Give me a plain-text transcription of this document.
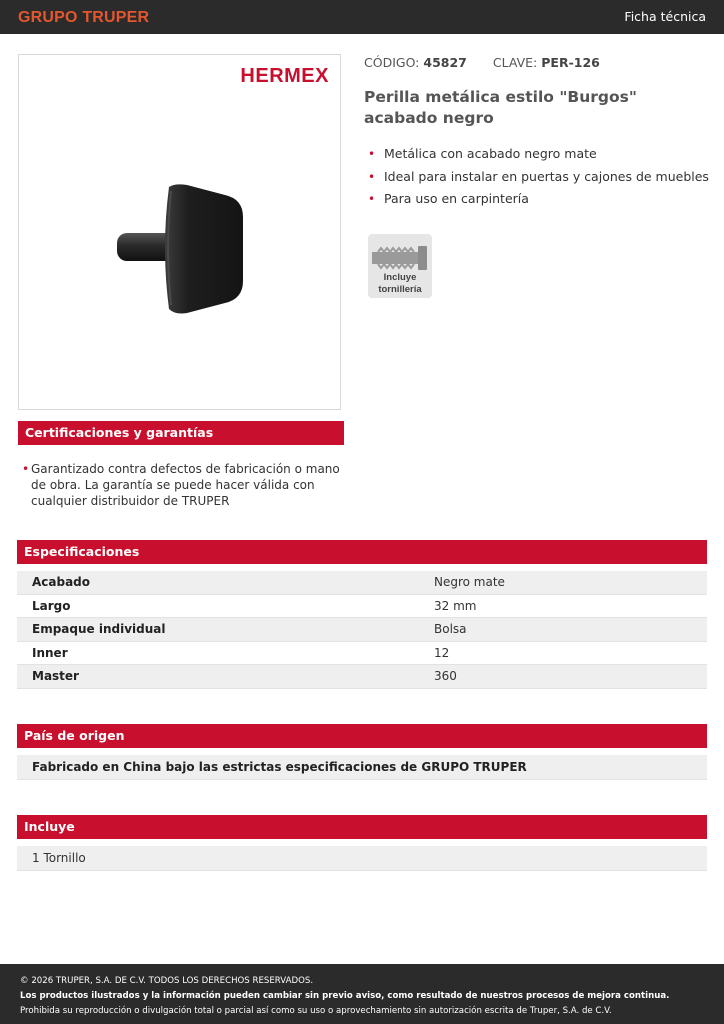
GRUPO TRUPER	Ficha técnica
HERMEX
CÓDIGO: 45827 CLAVE: PER-126
Perilla metálica estilo "Burgos" acabado negro
• Metálica con acabado negro mate
• Ideal para instalar en puertas y cajones de muebles
• Para uso en carpintería
Incluye
tornillería
Certificaciones y garantías
• Garantizado contra defectos de fabricación o mano de obra. La garantía se puede hacer válida con cualquier distribuidor de TRUPER
Especificaciones
Acabado	Negro mate
Largo	32 mm
Empaque individual	Bolsa
Inner	12
Master	360
País de origen
Fabricado en China bajo las estrictas especificaciones de GRUPO TRUPER
Incluye
1 Tornillo
© 2026 TRUPER, S.A. DE C.V. TODOS LOS DERECHOS RESERVADOS.
Los productos ilustrados y la información pueden cambiar sin previo aviso, como resultado de nuestros procesos de mejora continua.
Prohibida su reproducción o divulgación total o parcial así como su uso o aprovechamiento sin autorización escrita de Truper, S.A. de C.V.
